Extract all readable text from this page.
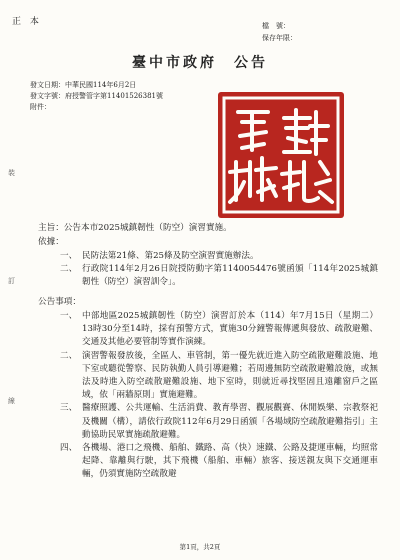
正 本	檔　號：
保存年限：
臺中市政府　公告
發文日期：中華民國114年6月2日
發文字號：府授警管字第11401526381號
附件：
裝
訂
線
主旨：公告本市2025城鎮韌性（防空）演習實施。
依據：
一、 民防法第21條、第25條及防空演習實施辦法。
二、 行政院114年2月26日院授防動字第1140054476號函頒「114年2025城鎮韌性（防空）演習訓令」。
公告事項：
一、 中部地區2025城鎮韌性（防空）演習訂於本（114）年7月15日（星期二）13時30分至14時，採有預警方式，實施30分鐘警報傳遞與發放、疏散避難、交通及其他必要管制等實作演練。
二、 演習警報發放後，全區人、車管制，第一優先就近進入防空疏散避難設施、地下室或聽從警察、民防執勤人員引導避難；若周邊無防空疏散避難設施，或無法及時進入防空疏散避難設施、地下室時，則就近尋找堅固且遠離窗戶之區域，依「兩牆原則」實施避難。
三、 醫療照護、公共運輸、生活消費、教育學習、觀展觀賽、休閒娛樂、宗教祭祀及機關（構），請依行政院112年6月29日函頒「各場域防空疏散避難指引」主動協助民眾實施疏散避難。
四、 各機場、港口之飛機、船舶、鐵路、高（快）速鐵、公路及捷運車輛，均照常起降、靠離與行駛，其下飛機（船舶、車輛）旅客、接送親友與下交通運車輛，仍須實施防空疏散避
第1頁，共2頁
